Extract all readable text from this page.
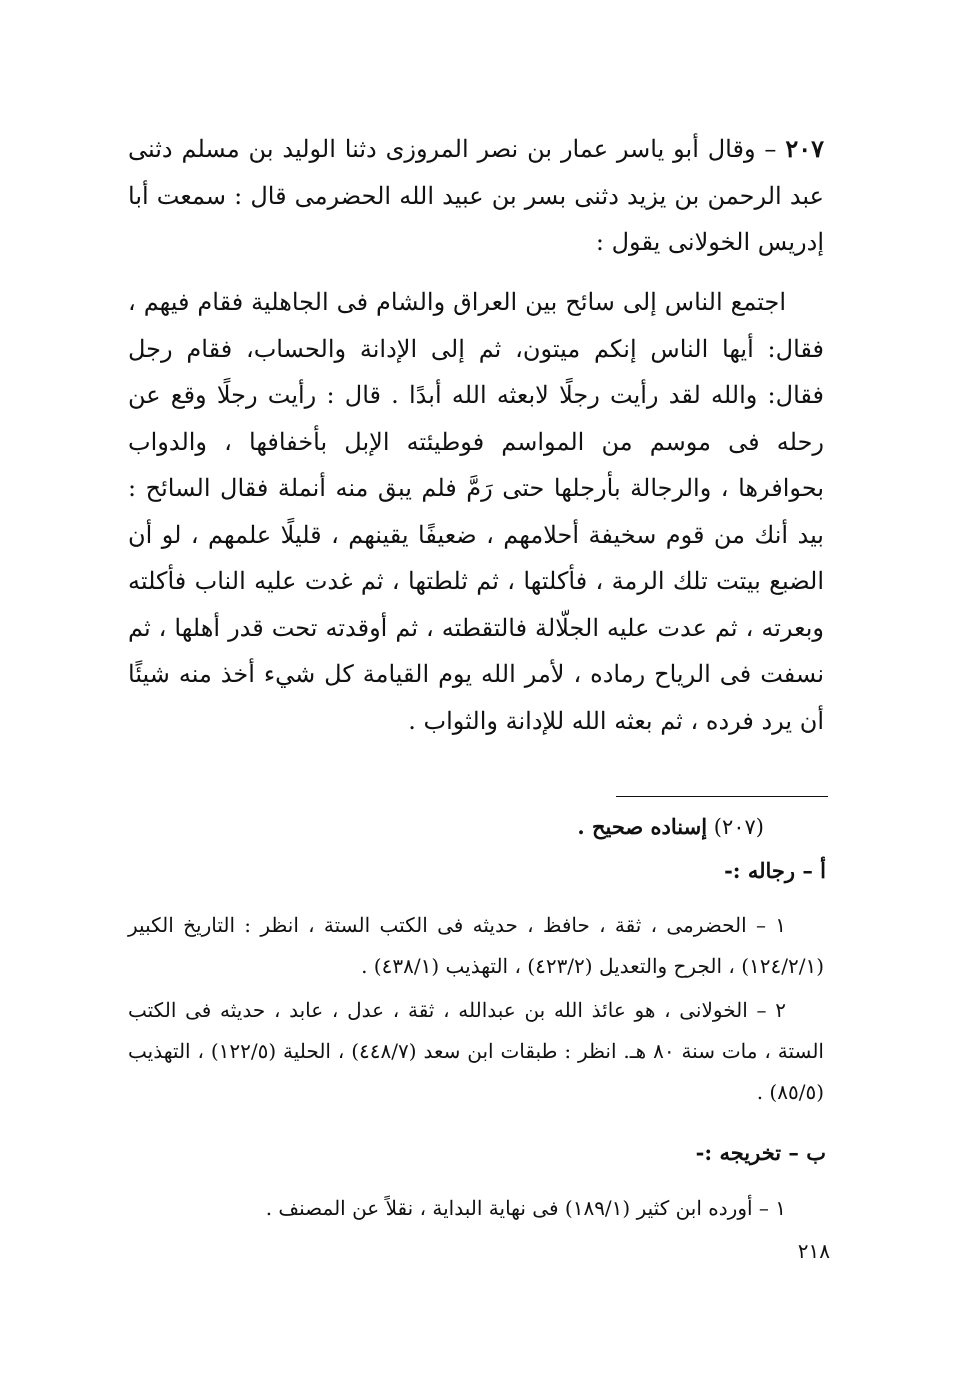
٢٠٧ – وقال أبو ياسر عمار بن نصر المروزى دثنا الوليد بن مسلم دثنى عبد الرحمن بن يزيد دثنى بسر بن عبيد الله الحضرمى قال : سمعت أبا إدريس الخولانى يقول :

اجتمع الناس إلى سائح بين العراق والشام فى الجاهلية فقام فيهم ، فقال: أيها الناس إنكم ميتون، ثم إلى الإدانة والحساب، فقام رجل فقال: والله لقد رأيت رجلًا لابعثه الله أبدًا . قال : رأيت رجلًا وقع عن رحله فى موسم من المواسم فوطيئته الإبل بأخفافها ، والدواب بحوافرها ، والرجالة بأرجلها حتى رَمَّ فلم يبق منه أنملة فقال السائح : بيد أنك من قوم سخيفة أحلامهم ، ضعيفًا يقينهم ، قليلًا علمهم ، لو أن الضبع بيتت تلك الرمة ، فأكلتها ، ثم ثلطتها ، ثم غدت عليه الناب فأكلته وبعرته ، ثم عدت عليه الجلّالة فالتقطته ، ثم أوقدته تحت قدر أهلها ، ثم نسفت فى الرياح رماده ، لأمر الله يوم القيامة كل شيء أخذ منه شيئًا أن يرد فرده ، ثم بعثه الله للإدانة والثواب .

(٢٠٧) إسناده صحيح .
أ – رجاله :-
١ – الحضرمى ، ثقة ، حافظ ، حديثه فى الكتب الستة ، انظر : التاريخ الكبير (١٢٤/٢/١) ، الجرح والتعديل (٤٢٣/٢) ، التهذيب (٤٣٨/١) .
٢ – الخولانى ، هو عائذ الله بن عبدالله ، ثقة ، عدل ، عابد ، حديثه فى الكتب الستة ، مات سنة ٨٠ هـ. انظر : طبقات ابن سعد (٤٤٨/٧) ، الحلية (١٢٢/٥) ، التهذيب (٨٥/٥) .
ب – تخريجه :-
١ – أورده ابن كثير (١٨٩/١) فى نهاية البداية ، نقلاً عن المصنف .
٢١٨
